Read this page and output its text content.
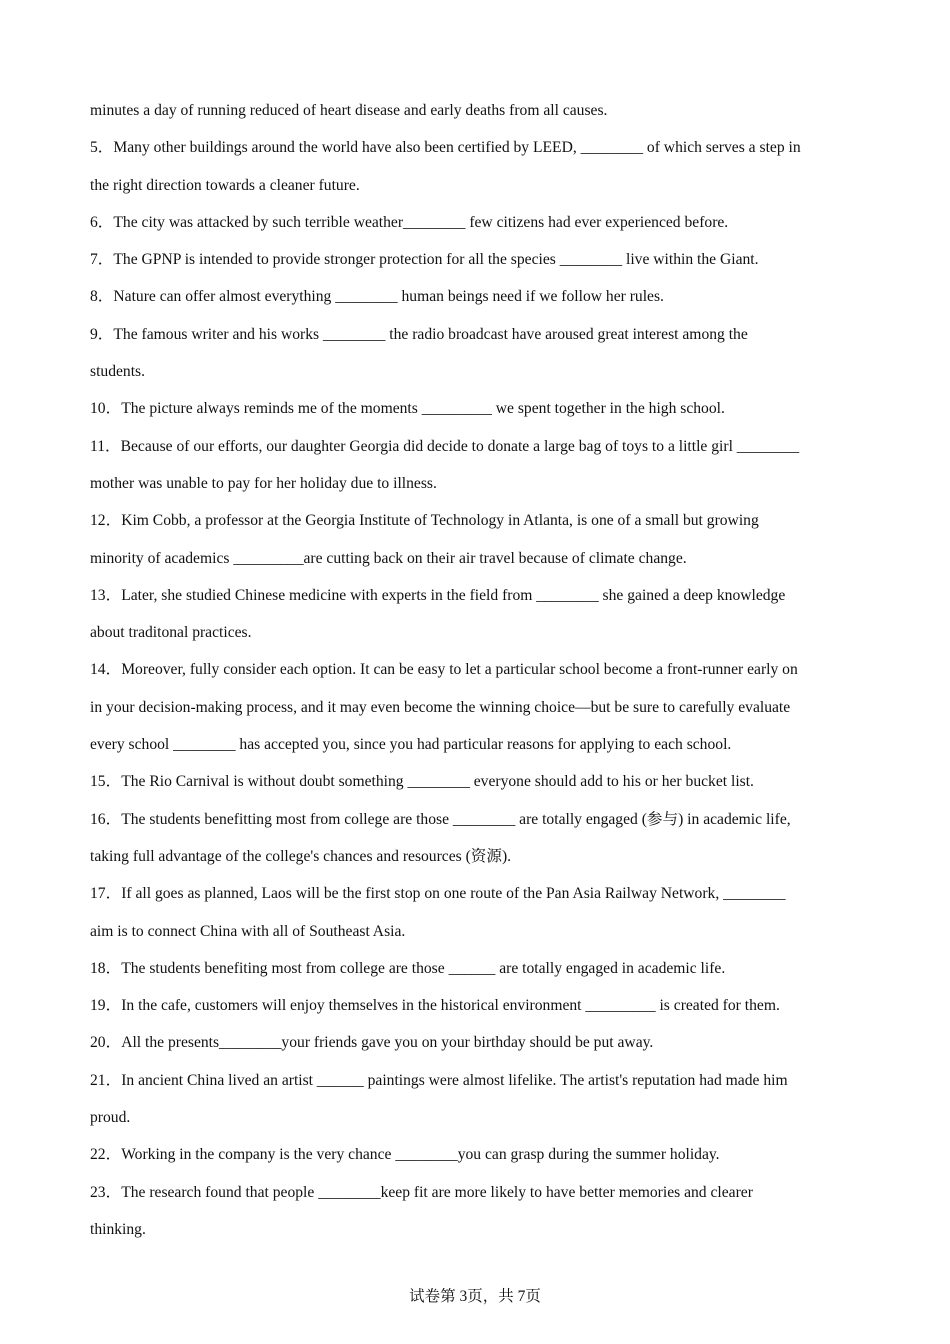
minutes a day of running reduced of heart disease and early deaths from all causes.
5．Many other buildings around the world have also been certified by LEED, ________ of which serves a step in
the right direction towards a cleaner future.
6．The city was attacked by such terrible weather________ few citizens had ever experienced before.
7．The GPNP is intended to provide stronger protection for all the species ________ live within the Giant.
8．Nature can offer almost everything ________ human beings need if we follow her rules.
9．The famous writer and his works ________ the radio broadcast have aroused great interest among the
students.
10．The picture always reminds me of the moments _________ we spent together in the high school.
11．Because of our efforts, our daughter Georgia did decide to donate a large bag of toys to a little girl ________
mother was unable to pay for her holiday due to illness.
12．Kim Cobb, a professor at the Georgia Institute of Technology in Atlanta, is one of a small but growing
minority of academics _________are cutting back on their air travel because of climate change.
13．Later, she studied Chinese medicine with experts in the field from ________ she gained a deep knowledge
about traditonal practices.
14．Moreover, fully consider each option. It can be easy to let a particular school become a front-runner early on
in your decision-making process, and it may even become the winning choice—but be sure to carefully evaluate
every school ________ has accepted you, since you had particular reasons for applying to each school.
15．The Rio Carnival is without doubt something ________ everyone should add to his or her bucket list.
16．The students benefitting most from college are those ________ are totally engaged (参与) in academic life,
taking full advantage of the college's chances and resources (资源).
17．If all goes as planned, Laos will be the first stop on one route of the Pan Asia Railway Network, ________
aim is to connect China with all of Southeast Asia.
18．The students benefiting most from college are those ______ are totally engaged in academic life.
19．In the cafe, customers will enjoy themselves in the historical environment _________ is created for them.
20．All the presents________your friends gave you on your birthday should be put away.
21．In ancient China lived an artist ______ paintings were almost lifelike. The artist's reputation had made him
proud.
22．Working in the company is the very chance ________you can grasp during the summer holiday.
23．The research found that people ________keep fit are more likely to have better memories and clearer
thinking.
试卷第 3页，共 7页
